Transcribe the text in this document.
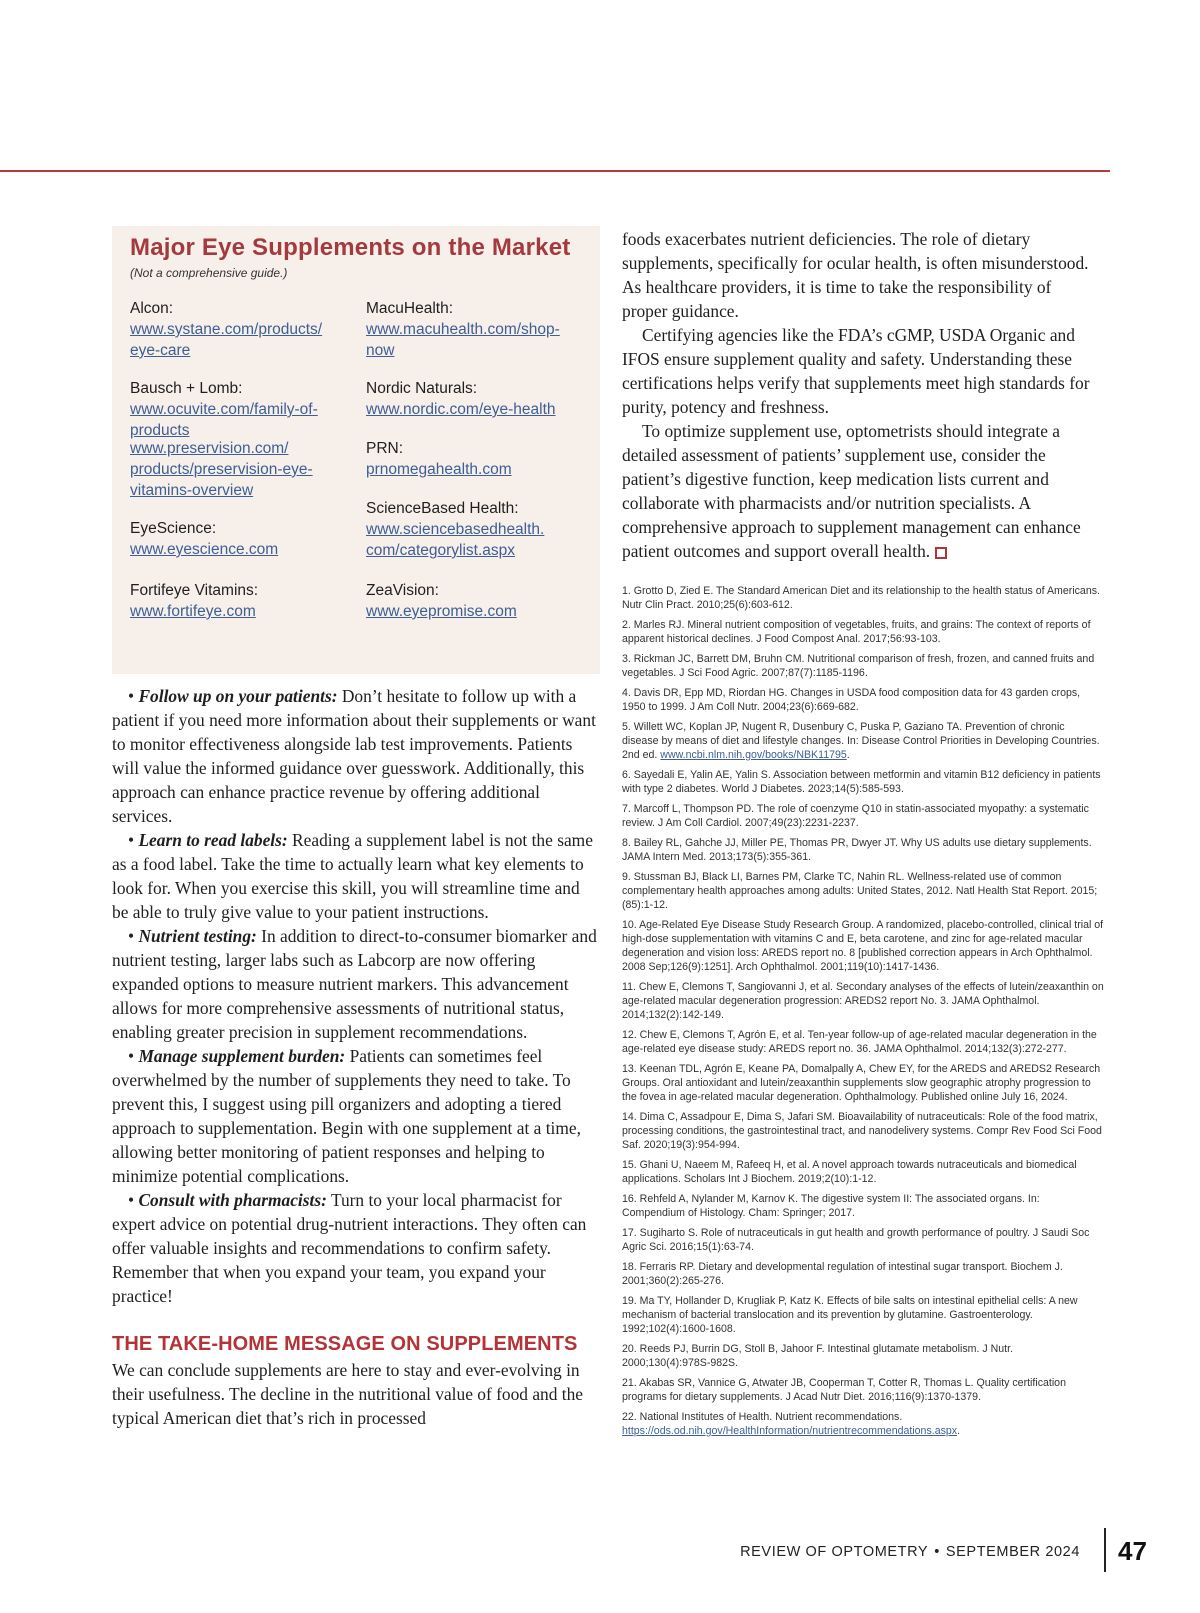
Major Eye Supplements on the Market
(Not a comprehensive guide.)
Alcon:
www.systane.com/products/
eye-care
Bausch + Lomb:
www.ocuvite.com/family-of-
products
www.preservision.com/
products/preservision-eye-
vitamins-overview
EyeScience:
www.eyescience.com
Fortifeye Vitamins:
www.fortifeye.com
MacuHealth:
www.macuhealth.com/shop-
now
Nordic Naturals:
www.nordic.com/eye-health
PRN:
prnomegahealth.com
ScienceBased Health:
www.sciencebasedhealth.
com/categorylist.aspx
ZeaVision:
www.eyepromise.com

• Follow up on your patients: Don’t hesitate to follow up with a patient if you need more information about their supplements or want to monitor effectiveness alongside lab test improvements. Patients will value the informed guidance over guesswork. Additionally, this approach can enhance practice revenue by offering additional services.

• Learn to read labels: Reading a supplement label is not the same as a food label. Take the time to actually learn what key elements to look for. When you exercise this skill, you will streamline time and be able to truly give value to your patient instructions.

• Nutrient testing: In addition to direct-to-consumer biomarker and nutrient testing, larger labs such as Labcorp are now offering expanded options to measure nutrient markers. This advancement allows for more comprehensive assessments of nutritional status, enabling greater precision in supplement recommendations.

• Manage supplement burden: Patients can sometimes feel overwhelmed by the number of supplements they need to take. To prevent this, I suggest using pill organizers and adopting a tiered approach to supplementation. Begin with one supplement at a time, allowing better monitoring of patient responses and helping to minimize potential complications.

• Consult with pharmacists: Turn to your local pharmacist for expert advice on potential drug-nutrient interactions. They often can offer valuable insights and recommendations to confirm safety. Remember that when you expand your team, you expand your practice!

THE TAKE-HOME MESSAGE ON SUPPLEMENTS

We can conclude supplements are here to stay and ever-evolving in their usefulness. The decline in the nutritional value of food and the typical American diet that’s rich in processed

foods exacerbates nutrient deficiencies. The role of dietary supplements, specifically for ocular health, is often misunderstood. As healthcare providers, it is time to take the responsibility of proper guidance.

Certifying agencies like the FDA’s cGMP, USDA Organic and IFOS ensure supplement quality and safety. Understanding these certifications helps verify that supplements meet high standards for purity, potency and freshness.

To optimize supplement use, optometrists should integrate a detailed assessment of patients’ supplement use, consider the patient’s digestive function, keep medication lists current and collaborate with pharmacists and/or nutrition specialists. A comprehensive approach to supplement management can enhance patient outcomes and support overall health.

1. Grotto D, Zied E. The Standard American Diet and its relationship to the health status of Americans. Nutr Clin Pract. 2010;25(6):603-612.

2. Marles RJ. Mineral nutrient composition of vegetables, fruits, and grains: The context of reports of apparent historical declines. J Food Compost Anal. 2017;56:93-103.

3. Rickman JC, Barrett DM, Bruhn CM. Nutritional comparison of fresh, frozen, and canned fruits and vegetables. J Sci Food Agric. 2007;87(7):1185-1196.

4. Davis DR, Epp MD, Riordan HG. Changes in USDA food composition data for 43 garden crops, 1950 to 1999. J Am Coll Nutr. 2004;23(6):669-682.

5. Willett WC, Koplan JP, Nugent R, Dusenbury C, Puska P, Gaziano TA. Prevention of chronic disease by means of diet and lifestyle changes. In: Disease Control Priorities in Developing Countries. 2nd ed. www.ncbi.nlm.nih.gov/books/NBK11795.

6. Sayedali E, Yalin AE, Yalin S. Association between metformin and vitamin B12 deficiency in patients with type 2 diabetes. World J Diabetes. 2023;14(5):585-593.

7. Marcoff L, Thompson PD. The role of coenzyme Q10 in statin-associated myopathy: a systematic review. J Am Coll Cardiol. 2007;49(23):2231-2237.

8. Bailey RL, Gahche JJ, Miller PE, Thomas PR, Dwyer JT. Why US adults use dietary supplements. JAMA Intern Med. 2013;173(5):355-361.

9. Stussman BJ, Black LI, Barnes PM, Clarke TC, Nahin RL. Wellness-related use of common complementary health approaches among adults: United States, 2012. Natl Health Stat Report. 2015;(85):1-12.

10. Age-Related Eye Disease Study Research Group. A randomized, placebo-controlled, clinical trial of high-dose supplementation with vitamins C and E, beta carotene, and zinc for age-related macular degeneration and vision loss: AREDS report no. 8 [published correction appears in Arch Ophthalmol. 2008 Sep;126(9):1251]. Arch Ophthalmol. 2001;119(10):1417-1436.

11. Chew E, Clemons T, Sangiovanni J, et al. Secondary analyses of the effects of lutein/zeaxanthin on age-related macular degeneration progression: AREDS2 report No. 3. JAMA Ophthalmol. 2014;132(2):142-149.

12. Chew E, Clemons T, Agrón E, et al. Ten-year follow-up of age-related macular degeneration in the age-related eye disease study: AREDS report no. 36. JAMA Ophthalmol. 2014;132(3):272-277.

13. Keenan TDL, Agrón E, Keane PA, Domalpally A, Chew EY, for the AREDS and AREDS2 Research Groups. Oral antioxidant and lutein/zeaxanthin supplements slow geographic atrophy progression to the fovea in age-related macular degeneration. Ophthalmology. Published online July 16, 2024.

14. Dima C, Assadpour E, Dima S, Jafari SM. Bioavailability of nutraceuticals: Role of the food matrix, processing conditions, the gastrointestinal tract, and nanodelivery systems. Compr Rev Food Sci Food Saf. 2020;19(3):954-994.

15. Ghani U, Naeem M, Rafeeq H, et al. A novel approach towards nutraceuticals and biomedical applications. Scholars Int J Biochem. 2019;2(10):1-12.

16. Rehfeld A, Nylander M, Karnov K. The digestive system II: The associated organs. In: Compendium of Histology. Cham: Springer; 2017.

17. Sugiharto S. Role of nutraceuticals in gut health and growth performance of poultry. J Saudi Soc Agric Sci. 2016;15(1):63-74.

18. Ferraris RP. Dietary and developmental regulation of intestinal sugar transport. Biochem J. 2001;360(2):265-276.

19. Ma TY, Hollander D, Krugliak P, Katz K. Effects of bile salts on intestinal epithelial cells: A new mechanism of bacterial translocation and its prevention by glutamine. Gastroenterology. 1992;102(4):1600-1608.

20. Reeds PJ, Burrin DG, Stoll B, Jahoor F. Intestinal glutamate metabolism. J Nutr. 2000;130(4):978S-982S.

21. Akabas SR, Vannice G, Atwater JB, Cooperman T, Cotter R, Thomas L. Quality certification programs for dietary supplements. J Acad Nutr Diet. 2016;116(9):1370-1379.

22. National Institutes of Health. Nutrient recommendations. https://ods.od.nih.gov/HealthInformation/nutrientrecommendations.aspx.

REVIEW OF OPTOMETRY • SEPTEMBER 2024 47
